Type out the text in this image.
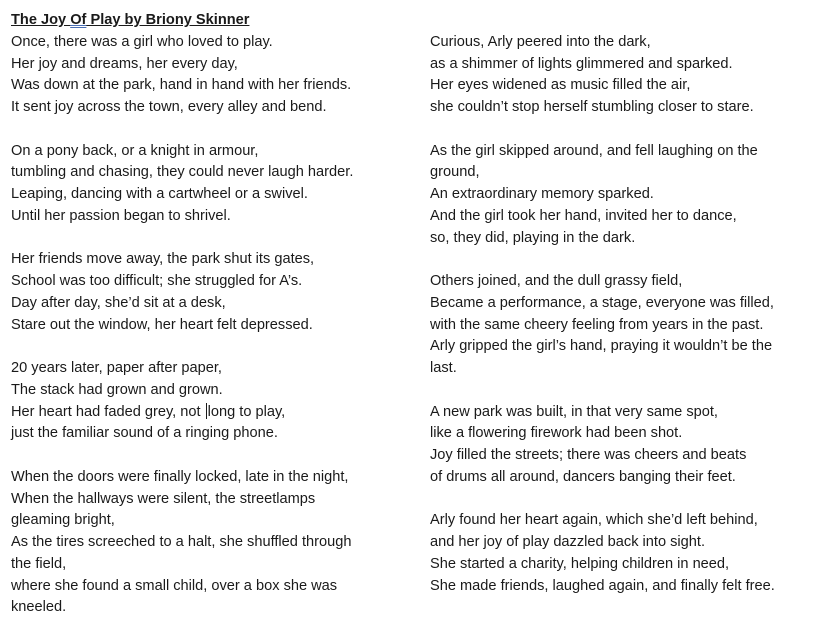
The Joy Of Play by Briony Skinner
Once, there was a girl who loved to play.
Her joy and dreams, her every day,
Was down at the park, hand in hand with her friends.
It sent joy across the town, every alley and bend.
On a pony back, or a knight in armour,
tumbling and chasing, they could never laugh harder.
Leaping, dancing with a cartwheel or a swivel.
Until her passion began to shrivel.
Her friends move away, the park shut its gates,
School was too difficult; she struggled for A’s.
Day after day, she’d sit at a desk,
Stare out the window, her heart felt depressed.
20 years later, paper after paper,
The stack had grown and grown.
Her heart had faded grey, not long to play,
just the familiar sound of a ringing phone.
When the doors were finally locked, late in the night,
When the hallways were silent, the streetlamps
gleaming bright,
As the tires screeched to a halt, she shuffled through
the field,
where she found a small child, over a box she was
kneeled.
Curious, Arly peered into the dark,
as a shimmer of lights glimmered and sparked.
Her eyes widened as music filled the air,
she couldn’t stop herself stumbling closer to stare.
As the girl skipped around, and fell laughing on the
ground,
An extraordinary memory sparked.
And the girl took her hand, invited her to dance,
so, they did, playing in the dark.
Others joined, and the dull grassy field,
Became a performance, a stage, everyone was filled,
with the same cheery feeling from years in the past.
Arly gripped the girl’s hand, praying it wouldn’t be the
last.
A new park was built, in that very same spot,
like a flowering firework had been shot.
Joy filled the streets; there was cheers and beats
of drums all around, dancers banging their feet.
Arly found her heart again, which she’d left behind,
and her joy of play dazzled back into sight.
She started a charity, helping children in need,
She made friends, laughed again, and finally felt free.
